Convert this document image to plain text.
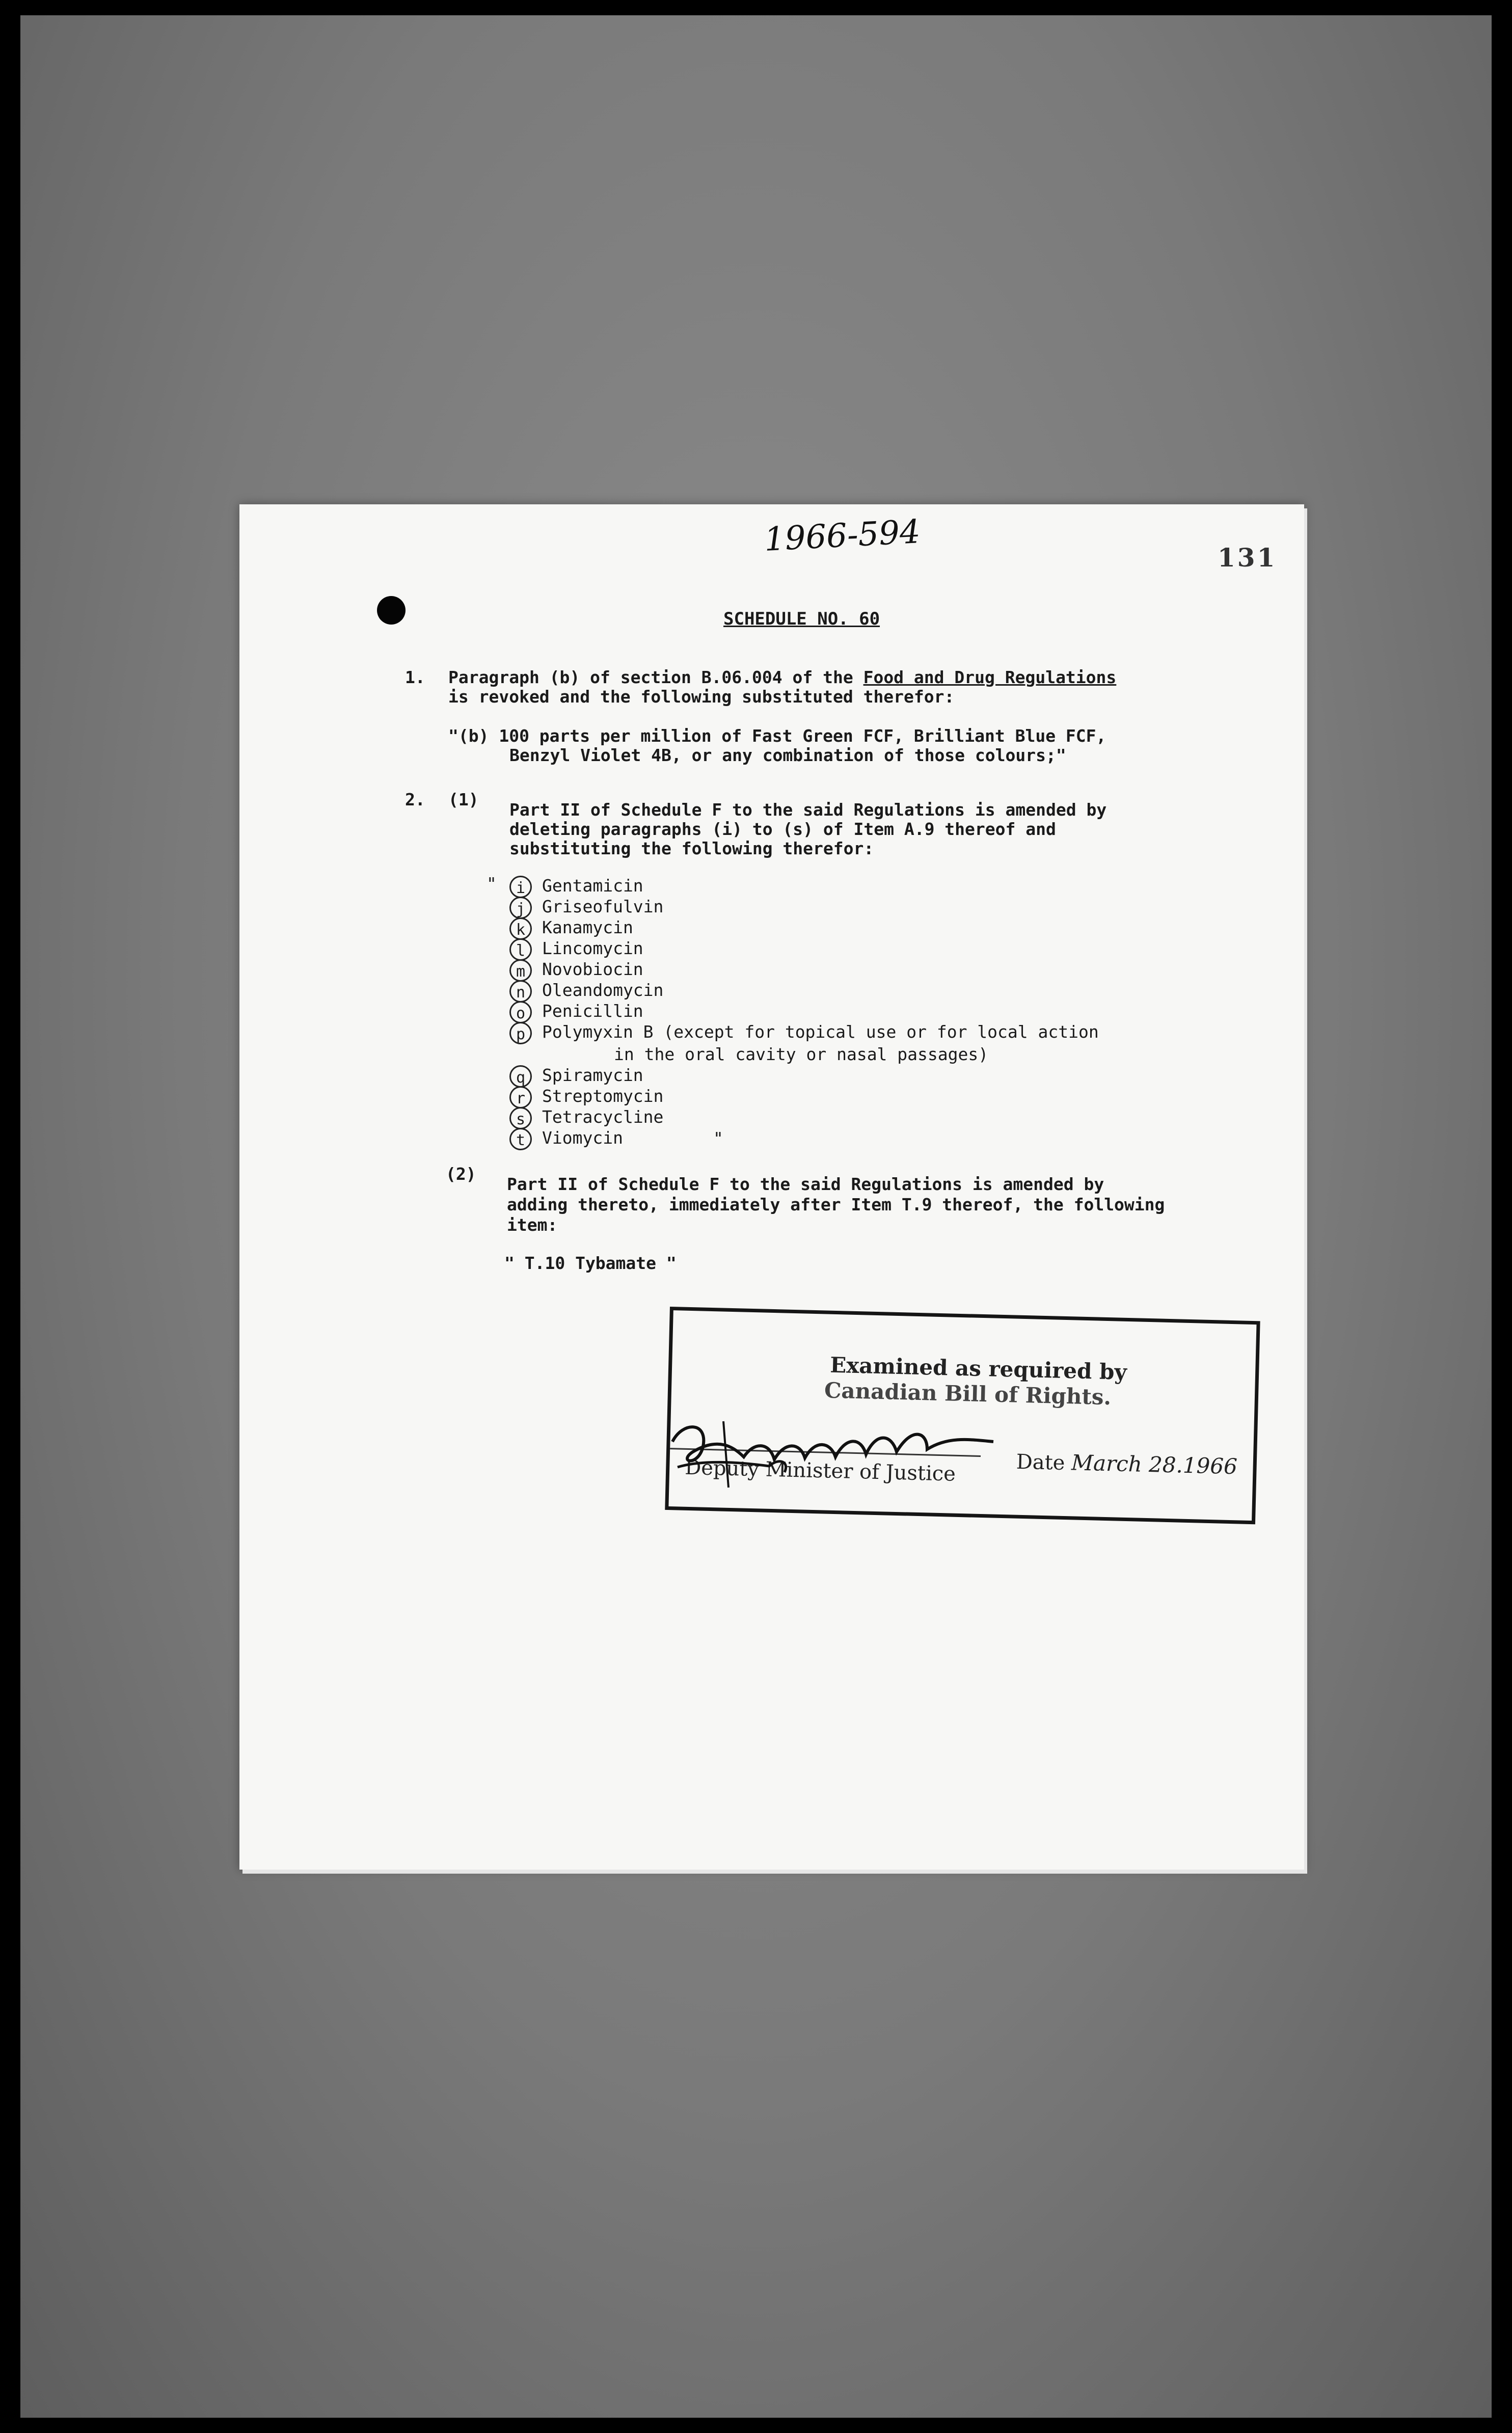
1966-594	131
SCHEDULE NO. 60
1. Paragraph (b) of section B.06.004 of the Food and Drug Regulations
is revoked and the following substituted therefor:
"(b) 100 parts per million of Fast Green FCF, Brilliant Blue FCF,
Benzyl Violet 4B, or any combination of those colours;"
2. (1)
Part II of Schedule F to the said Regulations is amended by
deleting paragraphs (i) to (s) of Item A.9 thereof and
substituting the following therefor:
"	i Gentamicin
j Griseofulvin
k Kanamycin
l Lincomycin
m Novobiocin
n Oleandomycin
o Penicillin
p Polymyxin B (except for topical use or for local action
in the oral cavity or nasal passages)
q Spiramycin
r Streptomycin
s Tetracycline
t Viomycin	"
(2)
Part II of Schedule F to the said Regulations is amended by
adding thereto, immediately after Item T.9 thereof, the following
item:
" T.10 Tybamate "
Examined as required by
Canadian Bill of Rights.
Deputy Minister of Justice	Date March 28.1966
